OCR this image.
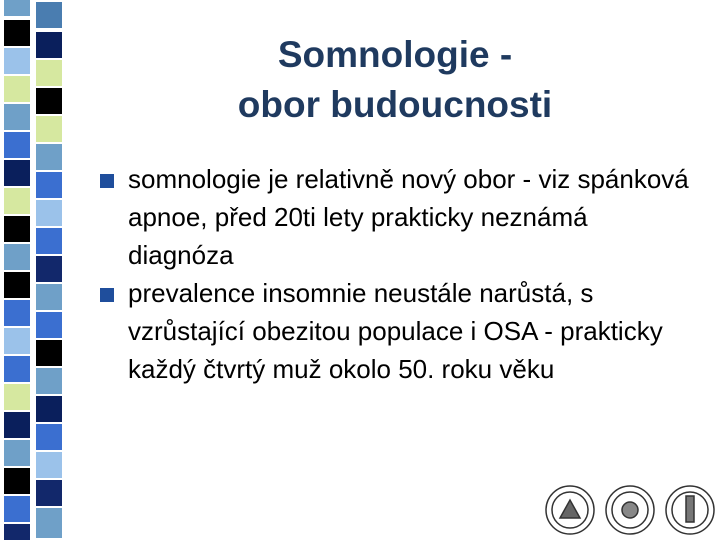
Somnologie -
obor budoucnosti
somnologie je relativně nový obor - viz spánková apnoe, před 20ti lety prakticky neznámá diagnóza
prevalence insomnie neustále narůstá, s vzrůstající obezitou populace i OSA - prakticky každý čtvrtý muž okolo 50. roku věku
